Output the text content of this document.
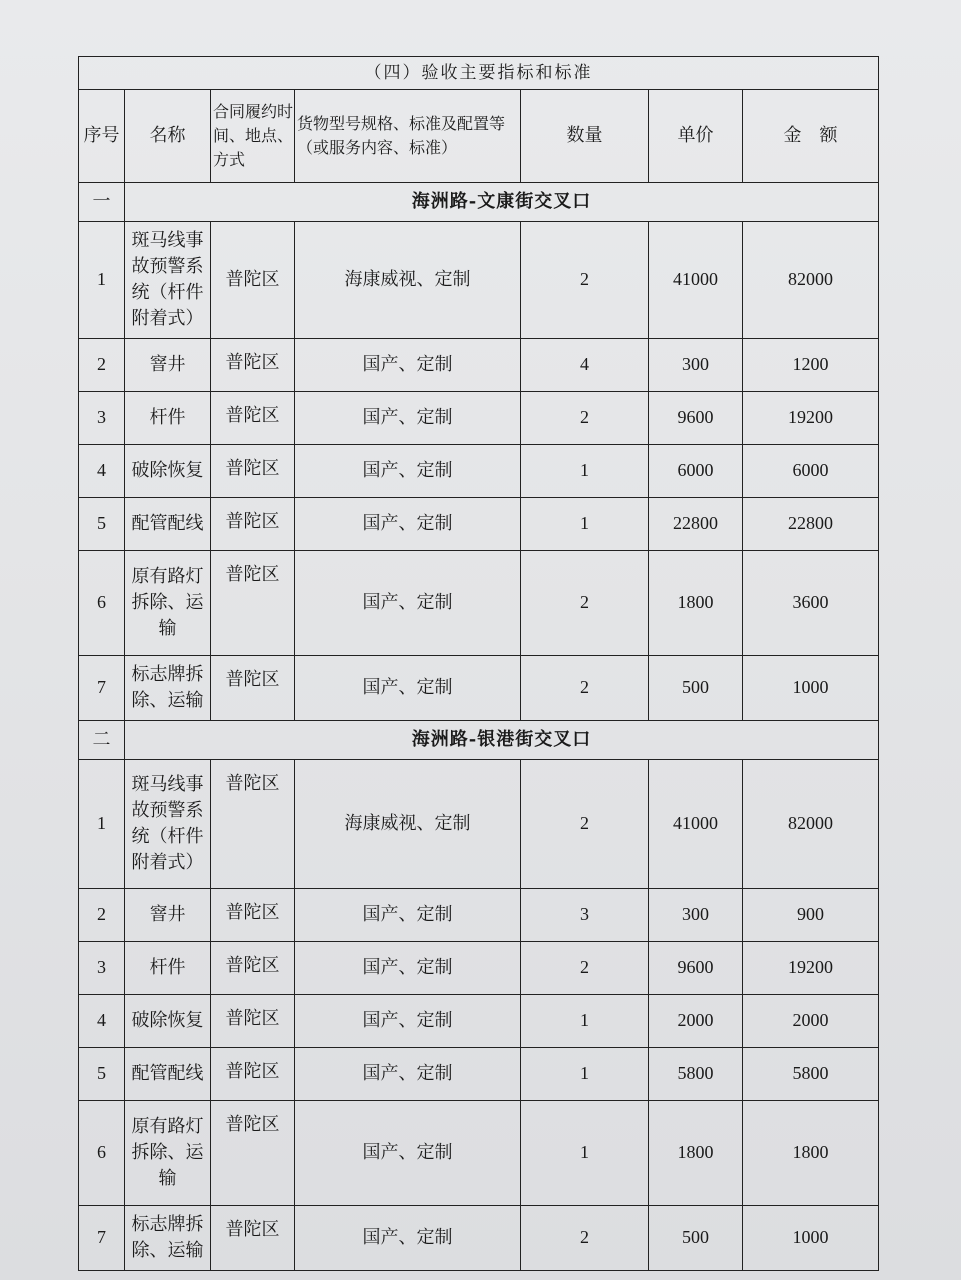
（四）验收主要指标和标准						
序号	名称	合同履约时间、地点、方式	货物型号规格、标准及配置等（或服务内容、标准）	数量	单价	金　额
一	海洲路-文康街交叉口					
1	斑马线事故预警系统（杆件附着式）	普陀区	海康威视、定制	2	41000	82000
2	窨井	普陀区	国产、定制	4	300	1200
3	杆件	普陀区	国产、定制	2	9600	19200
4	破除恢复	普陀区	国产、定制	1	6000	6000
5	配管配线	普陀区	国产、定制	1	22800	22800
6	原有路灯拆除、运输	普陀区	国产、定制	2	1800	3600
7	标志牌拆除、运输	普陀区	国产、定制	2	500	1000
二	海洲路-银港街交叉口					
1	斑马线事故预警系统（杆件附着式）	普陀区	海康威视、定制	2	41000	82000
2	窨井	普陀区	国产、定制	3	300	900
3	杆件	普陀区	国产、定制	2	9600	19200
4	破除恢复	普陀区	国产、定制	1	2000	2000
5	配管配线	普陀区	国产、定制	1	5800	5800
6	原有路灯拆除、运输	普陀区	国产、定制	1	1800	1800
7	标志牌拆除、运输	普陀区	国产、定制	2	500	1000
